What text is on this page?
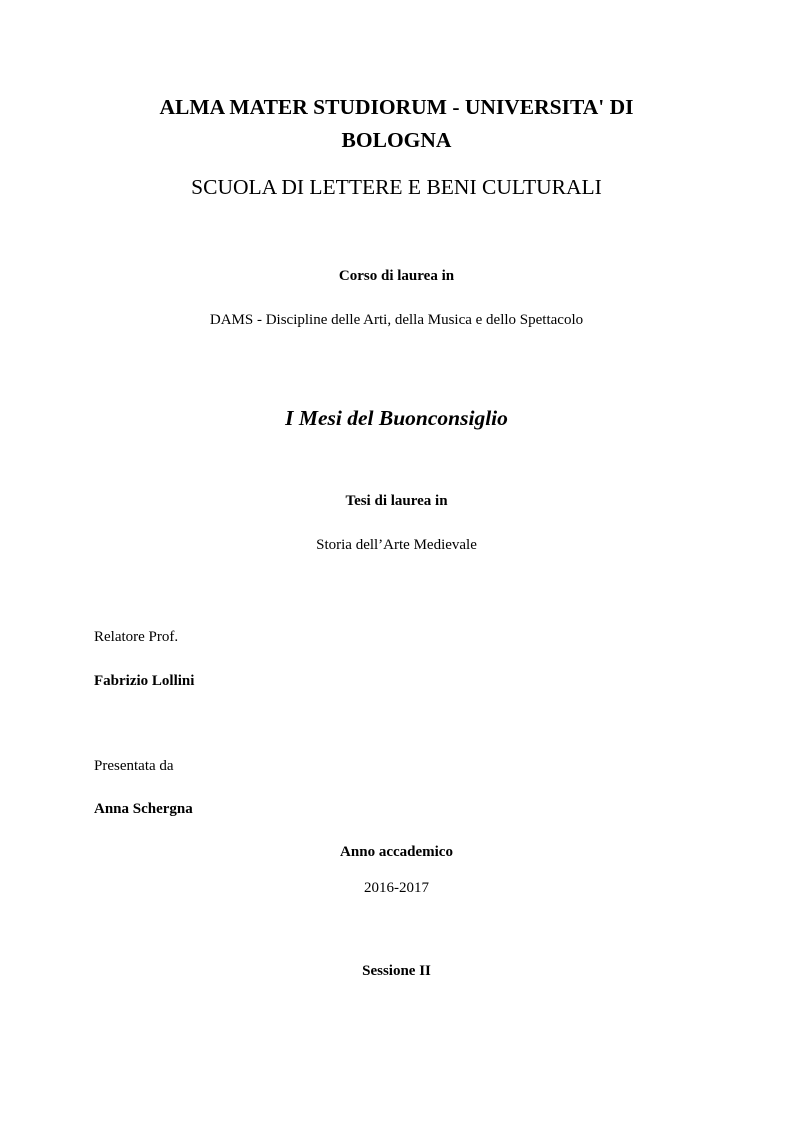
ALMA MATER STUDIORUM - UNIVERSITA' DI
BOLOGNA
SCUOLA DI LETTERE E BENI CULTURALI
Corso di laurea in
DAMS - Discipline delle Arti, della Musica e dello Spettacolo
I Mesi del Buonconsiglio
Tesi di laurea in
Storia dell’Arte Medievale
Relatore Prof.
Fabrizio Lollini
Presentata da
Anna Schergna
Anno accademico
2016-2017
Sessione II
